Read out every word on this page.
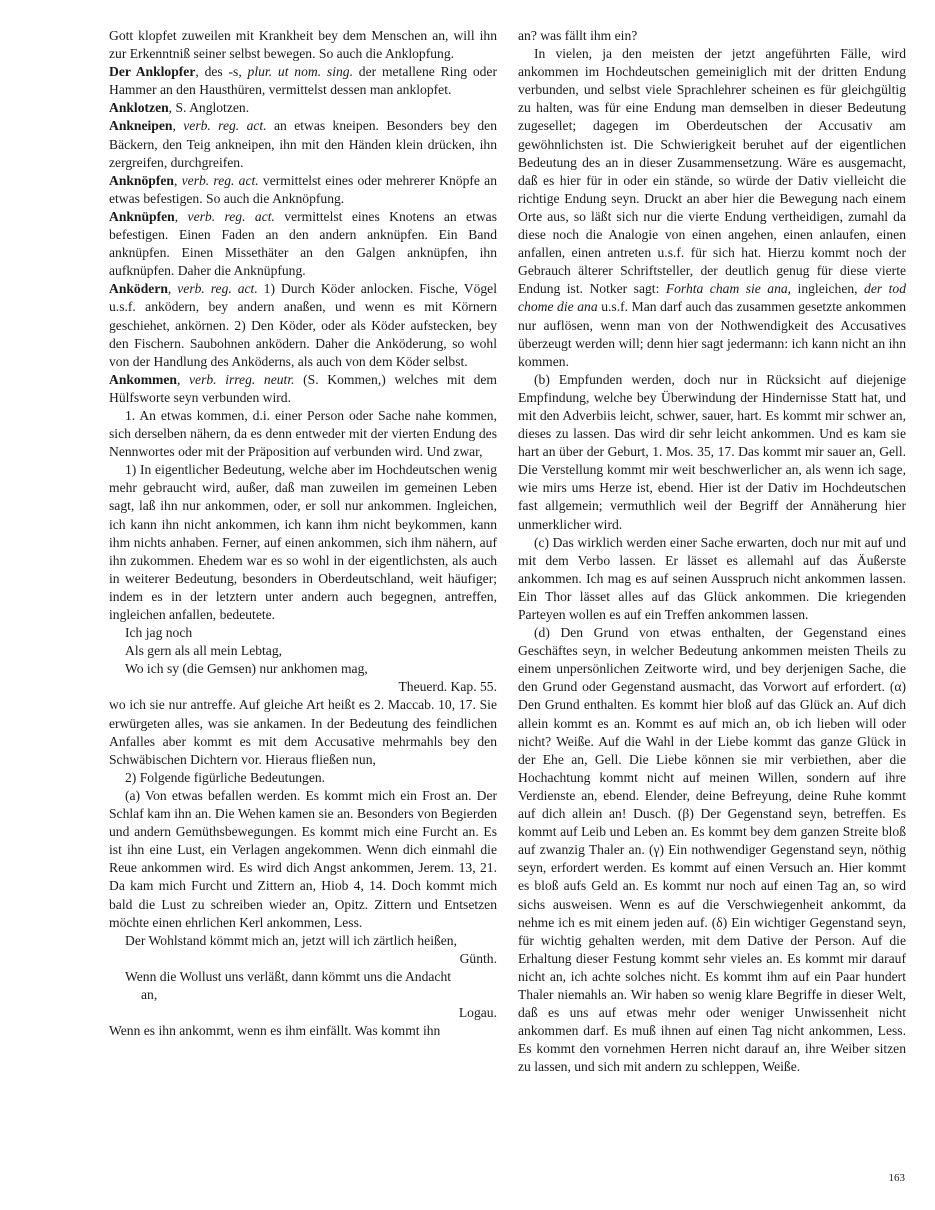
Gott klopfet zuweilen mit Krankheit bey dem Menschen an, will ihn zur Erkenntniß seiner selbst bewegen. So auch die Anklopfung.

Der Anklopfer, des -s, plur. ut nom. sing. der metallene Ring oder Hammer an den Hausthüren, vermittelst dessen man anklopfet.

Anklotzen, S. Anglotzen.

Ankneipen, verb. reg. act. an etwas kneipen. Besonders bey den Bäckern, den Teig ankneipen, ihn mit den Händen klein drücken, ihn zergreifen, durchgreifen.

Anknöpfen, verb. reg. act. vermittelst eines oder mehrerer Knöpfe an etwas befestigen. So auch die Anknöpfung.

Anknüpfen, verb. reg. act. vermittelst eines Knotens an etwas befestigen. Einen Faden an den andern anknüpfen. Ein Band anknüpfen. Einen Missethäter an den Galgen anknüpfen, ihn aufknüpfen. Daher die Anknüpfung.

Anködern, verb. reg. act. 1) Durch Köder anlocken. Fische, Vögel u.s.f. anködern, bey andern anaßen, und wenn es mit Körnern geschiehet, ankörnen. 2) Den Köder, oder als Köder aufstecken, bey den Fischern. Saubohnen anködern. Daher die Anköderung, so wohl von der Handlung des Anköderns, als auch von dem Köder selbst.

Ankommen, verb. irreg. neutr. (S. Kommen,) welches mit dem Hülfsworte seyn verbunden wird.

1. An etwas kommen, d.i. einer Person oder Sache nahe kommen, sich derselben nähern, da es denn entweder mit der vierten Endung des Nennwortes oder mit der Präposition auf verbunden wird. Und zwar,

1) In eigentlicher Bedeutung, welche aber im Hochdeutschen wenig mehr gebraucht wird, außer, daß man zuweilen im gemeinen Leben sagt, laß ihn nur ankommen, oder, er soll nur ankommen. Ingleichen, ich kann ihn nicht ankommen, ich kann ihm nicht beykommen, kann ihm nichts anhaben. Ferner, auf einen ankommen, sich ihm nähern, auf ihn zukommen. Ehedem war es so wohl in der eigentlichsten, als auch in weiterer Bedeutung, besonders in Oberdeutschland, weit häufiger; indem es in der letztern unter andern auch begegnen, antreffen, ingleichen anfallen, bedeutete.

Ich jag noch

Als gern als all mein Lebtag,

Wo ich sy (die Gemsen) nur ankhomen mag,

Theuerd. Kap. 55.

wo ich sie nur antreffe. Auf gleiche Art heißt es 2. Maccab. 10, 17. Sie erwürgeten alles, was sie ankamen. In der Bedeutung des feindlichen Anfalles aber kommt es mit dem Accusative mehrmahls bey den Schwäbischen Dichtern vor. Hieraus fließen nun,

2) Folgende figürliche Bedeutungen.

(a) Von etwas befallen werden. Es kommt mich ein Frost an. Der Schlaf kam ihn an. Die Wehen kamen sie an. Besonders von Begierden und andern Gemüthsbewegungen. Es kommt mich eine Furcht an. Es ist ihn eine Lust, ein Verlagen angekommen. Wenn dich einmahl die Reue ankommen wird. Es wird dich Angst ankommen, Jerem. 13, 21. Da kam mich Furcht und Zittern an, Hiob 4, 14. Doch kommt mich bald die Lust zu schreiben wieder an, Opitz. Zittern und Entsetzen möchte einen ehrlichen Kerl ankommen, Less.

Der Wohlstand kömmt mich an, jetzt will ich zärtlich heißen,

Günth.

Wenn die Wollust uns verläßt, dann kömmt uns die Andacht

an,

Logau.

Wenn es ihn ankommt, wenn es ihm einfällt. Was kommt ihn

an? was fällt ihm ein?

In vielen, ja den meisten der jetzt angeführten Fälle, wird ankommen im Hochdeutschen gemeiniglich mit der dritten Endung verbunden, und selbst viele Sprachlehrer scheinen es für gleichgültig zu halten, was für eine Endung man demselben in dieser Bedeutung zugesellet; dagegen im Oberdeutschen der Accusativ am gewöhnlichsten ist. Die Schwierigkeit beruhet auf der eigentlichen Bedeutung des an in dieser Zusammensetzung. Wäre es ausgemacht, daß es hier für in oder ein stände, so würde der Dativ vielleicht die richtige Endung seyn. Druckt an aber hier die Bewegung nach einem Orte aus, so läßt sich nur die vierte Endung vertheidigen, zumahl da diese noch die Analogie von einen angehen, einen anlaufen, einen anfallen, einen antreten u.s.f. für sich hat. Hierzu kommt noch der Gebrauch älterer Schriftsteller, der deutlich genug für diese vierte Endung ist. Notker sagt: Forhta cham sie ana, ingleichen, der tod chome die ana u.s.f. Man darf auch das zusammen gesetzte ankommen nur auflösen, wenn man von der Nothwendigkeit des Accusatives überzeugt werden will; denn hier sagt jedermann: ich kann nicht an ihn kommen.

(b) Empfunden werden, doch nur in Rücksicht auf diejenige Empfindung, welche bey Überwindung der Hindernisse Statt hat, und mit den Adverbiis leicht, schwer, sauer, hart. Es kommt mir schwer an, dieses zu lassen. Das wird dir sehr leicht ankommen. Und es kam sie hart an über der Geburt, 1. Mos. 35, 17. Das kommt mir sauer an, Gell. Die Verstellung kommt mir weit beschwerlicher an, als wenn ich sage, wie mirs ums Herze ist, ebend. Hier ist der Dativ im Hochdeutschen fast allgemein; vermuthlich weil der Begriff der Annäherung hier unmerklicher wird.

(c) Das wirklich werden einer Sache erwarten, doch nur mit auf und mit dem Verbo lassen. Er lässet es allemahl auf das Äußerste ankommen. Ich mag es auf seinen Ausspruch nicht ankommen lassen. Ein Thor lässet alles auf das Glück ankommen. Die kriegenden Parteyen wollen es auf ein Treffen ankommen lassen.

(d) Den Grund von etwas enthalten, der Gegenstand eines Geschäftes seyn, in welcher Bedeutung ankommen meisten Theils zu einem unpersönlichen Zeitworte wird, und bey derjenigen Sache, die den Grund oder Gegenstand ausmacht, das Vorwort auf erfordert. (α) Den Grund enthalten. Es kommt hier bloß auf das Glück an. Auf dich allein kommt es an. Kommt es auf mich an, ob ich lieben will oder nicht? Weiße. Auf die Wahl in der Liebe kommt das ganze Glück in der Ehe an, Gell. Die Liebe können sie mir verbiethen, aber die Hochachtung kommt nicht auf meinen Willen, sondern auf ihre Verdienste an, ebend. Elender, deine Befreyung, deine Ruhe kommt auf dich allein an! Dusch. (β) Der Gegenstand seyn, betreffen. Es kommt auf Leib und Leben an. Es kommt bey dem ganzen Streite bloß auf zwanzig Thaler an. (γ) Ein nothwendiger Gegenstand seyn, nöthig seyn, erfordert werden. Es kommt auf einen Versuch an. Hier kommt es bloß aufs Geld an. Es kommt nur noch auf einen Tag an, so wird sichs ausweisen. Wenn es auf die Verschwiegenheit ankommt, da nehme ich es mit einem jeden auf. (δ) Ein wichtiger Gegenstand seyn, für wichtig gehalten werden, mit dem Dative der Person. Auf die Erhaltung dieser Festung kommt sehr vieles an. Es kommt mir darauf nicht an, ich achte solches nicht. Es kommt ihm auf ein Paar hundert Thaler niemahls an. Wir haben so wenig klare Begriffe in dieser Welt, daß es uns auf etwas mehr oder weniger Unwissenheit nicht ankommen darf. Es muß ihnen auf einen Tag nicht ankommen, Less. Es kommt den vornehmen Herren nicht darauf an, ihre Weiber sitzen zu lassen, und sich mit andern zu schleppen, Weiße.

163
